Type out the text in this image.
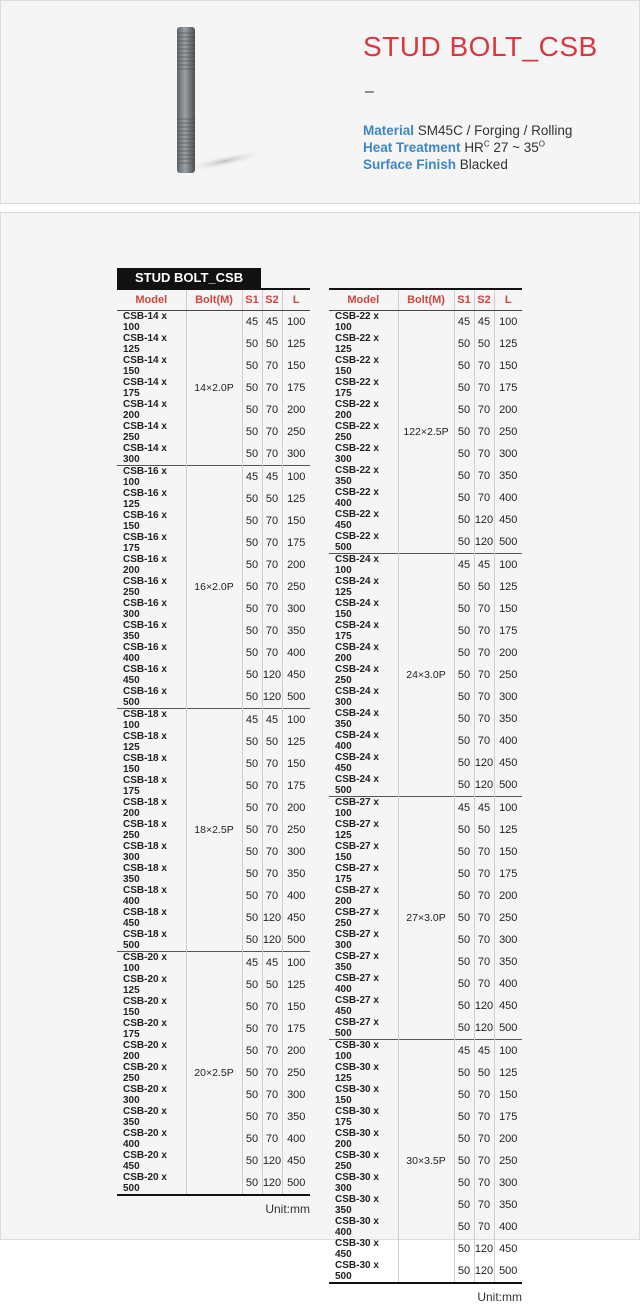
STUD BOLT_CSB
–
Material SM45C / Forging / Rolling
Heat Treatment $HR^C$ 27 ~ $35^O$
Surface Finish Blacked
STUD BOLT_CSB
Model	Bolt(M)	S1	S2	L
CSB-14 x 100	14×2.0P	45	45	100
CSB-14 x 125		50	50	125
CSB-14 x 150		50	70	150
CSB-14 x 175		50	70	175
CSB-14 x 200		50	70	200
CSB-14 x 250		50	70	250
CSB-14 x 300		50	70	300
CSB-16 x 100	16×2.0P	45	45	100
CSB-16 x 125		50	50	125
CSB-16 x 150		50	70	150
CSB-16 x 175		50	70	175
CSB-16 x 200		50	70	200
CSB-16 x 250		50	70	250
CSB-16 x 300		50	70	300
CSB-16 x 350		50	70	350
CSB-16 x 400		50	70	400
CSB-16 x 450		50	120	450
CSB-16 x 500		50	120	500
CSB-18 x 100	18×2.5P	45	45	100
CSB-18 x 125		50	50	125
CSB-18 x 150		50	70	150
CSB-18 x 175		50	70	175
CSB-18 x 200		50	70	200
CSB-18 x 250		50	70	250
CSB-18 x 300		50	70	300
CSB-18 x 350		50	70	350
CSB-18 x 400		50	70	400
CSB-18 x 450		50	120	450
CSB-18 x 500		50	120	500
CSB-20 x 100	20×2.5P	45	45	100
CSB-20 x 125		50	50	125
CSB-20 x 150		50	70	150
CSB-20 x 175		50	70	175
CSB-20 x 200		50	70	200
CSB-20 x 250		50	70	250
CSB-20 x 300		50	70	300
CSB-20 x 350		50	70	350
CSB-20 x 400		50	70	400
CSB-20 x 450		50	120	450
CSB-20 x 500		50	120	500
Unit:mm
Model	Bolt(M)	S1	S2	L
CSB-22 x 100	122×2.5P	45	45	100
CSB-22 x 125		50	50	125
CSB-22 x 150		50	70	150
CSB-22 x 175		50	70	175
CSB-22 x 200		50	70	200
CSB-22 x 250		50	70	250
CSB-22 x 300		50	70	300
CSB-22 x 350		50	70	350
CSB-22 x 400		50	70	400
CSB-22 x 450		50	120	450
CSB-22 x 500		50	120	500
CSB-24 x 100	24×3.0P	45	45	100
CSB-24 x 125		50	50	125
CSB-24 x 150		50	70	150
CSB-24 x 175		50	70	175
CSB-24 x 200		50	70	200
CSB-24 x 250		50	70	250
CSB-24 x 300		50	70	300
CSB-24 x 350		50	70	350
CSB-24 x 400		50	70	400
CSB-24 x 450		50	120	450
CSB-24 x 500		50	120	500
CSB-27 x 100	27×3.0P	45	45	100
CSB-27 x 125		50	50	125
CSB-27 x 150		50	70	150
CSB-27 x 175		50	70	175
CSB-27 x 200		50	70	200
CSB-27 x 250		50	70	250
CSB-27 x 300		50	70	300
CSB-27 x 350		50	70	350
CSB-27 x 400		50	70	400
CSB-27 x 450		50	120	450
CSB-27 x 500		50	120	500
CSB-30 x 100	30×3.5P	45	45	100
CSB-30 x 125		50	50	125
CSB-30 x 150		50	70	150
CSB-30 x 175		50	70	175
CSB-30 x 200		50	70	200
CSB-30 x 250		50	70	250
CSB-30 x 300		50	70	300
CSB-30 x 350		50	70	350
CSB-30 x 400		50	70	400
CSB-30 x 450		50	120	450
CSB-30 x 500		50	120	500
Unit:mm
